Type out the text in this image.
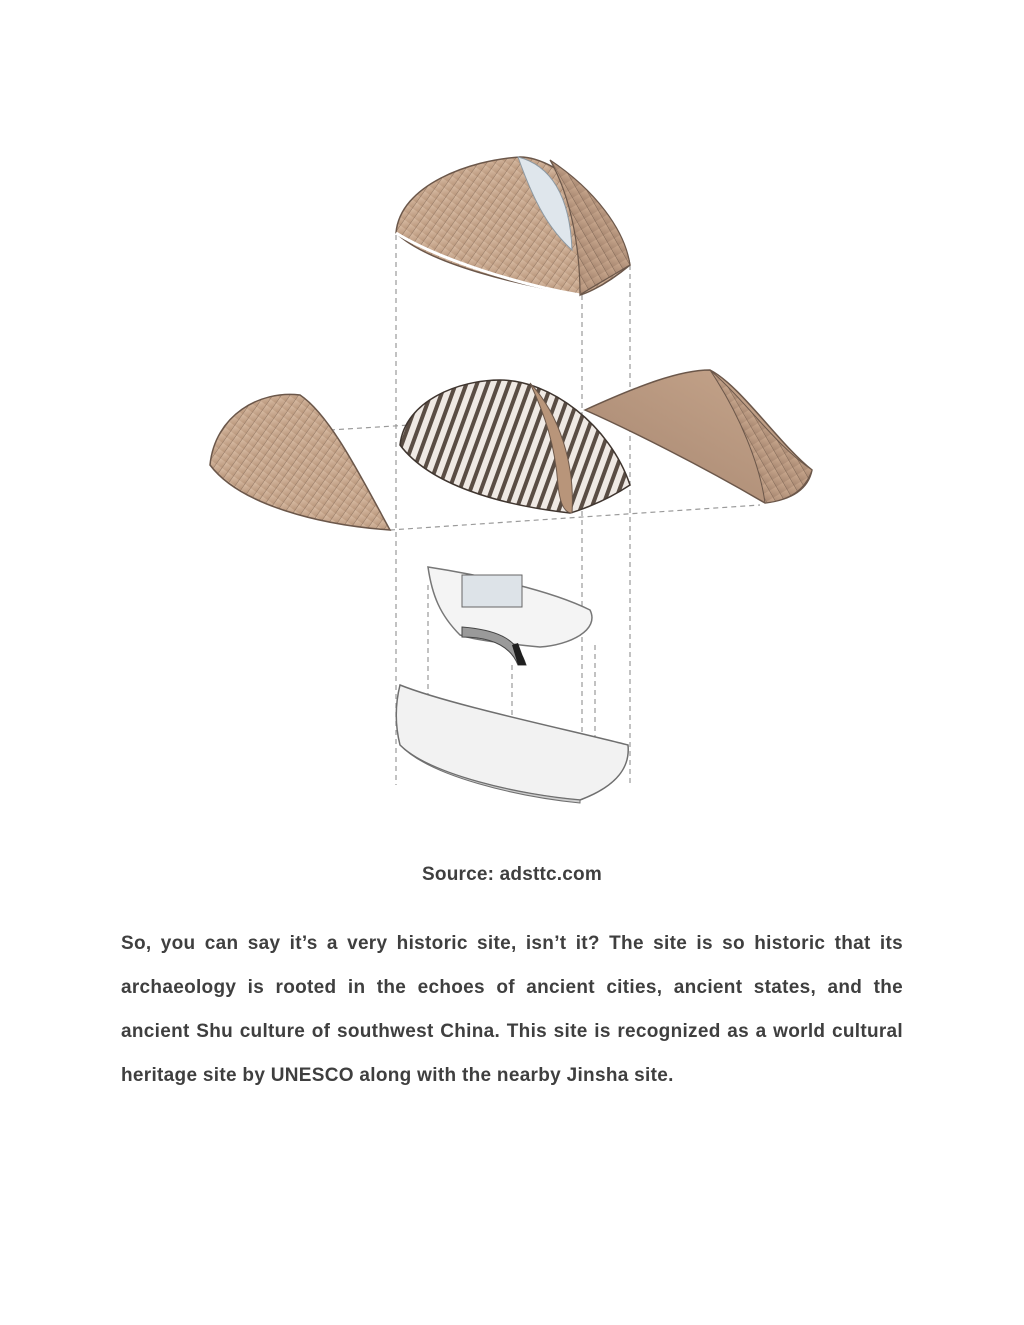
Source: adsttc.com

So, you can say it’s a very historic site, isn’t it? The site is so historic that its archaeology is rooted in the echoes of ancient cities, ancient states, and the ancient Shu culture of southwest China. This site is recognized as a world cultural heritage site by UNESCO along with the nearby Jinsha site.
